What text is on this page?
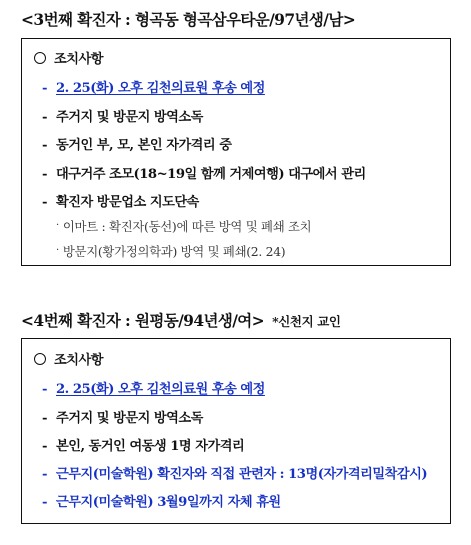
<3번째 확진자 : 형곡동 형곡삼우타운/97년생/남>
조치사항
- 2. 25(화) 오후 김천의료원 후송 예정
- 주거지 및 방문지 방역소독
- 동거인 부, 모, 본인 자가격리 중
- 대구거주 조모(18~19일 함께 거제여행) 대구에서 관리
- 확진자 방문업소 지도단속
· 이마트 : 확진자(동선)에 따른 방역 및 폐쇄 조치
· 방문지(황가정의학과) 방역 및 폐쇄(2. 24)
<4번째 확진자 : 원평동/94년생/여> *신천지 교인
조치사항
- 2. 25(화) 오후 김천의료원 후송 예정
- 주거지 및 방문지 방역소독
- 본인, 동거인 여동생 1명 자가격리
- 근무지(미술학원) 확진자와 직접 관련자 : 13명(자가격리밀착감시)
- 근무지(미술학원) 3월9일까지 자체 휴원
